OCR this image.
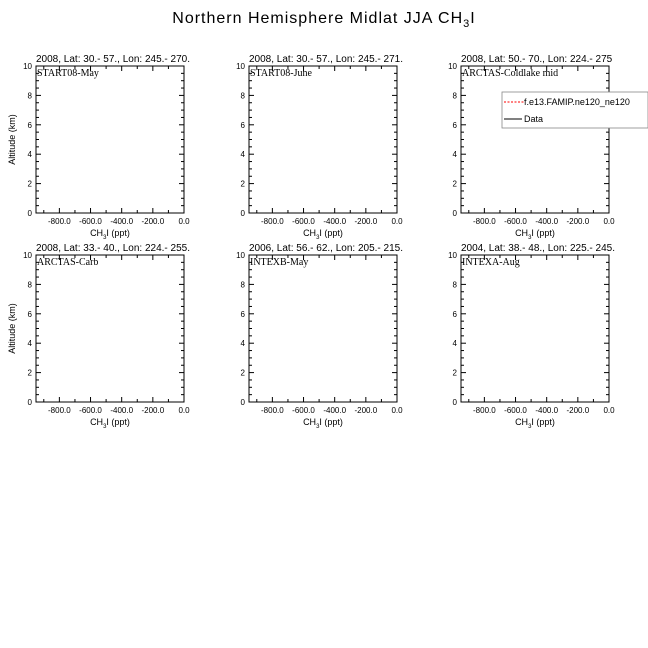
Northern Hemisphere Midlat JJA $CH_3I$
2008, Lat: 30.- 57., Lon: 245.- 270.
0
2
4
6
8
10
-800.0 -600.0 -400.0 -200.0 0.0
$CH_3I$ (ppt)
Altitude (km)
START08-May
2008, Lat: 30.- 57., Lon: 245.- 271.
0
2
4
6
8
10
-800.0 -600.0 -400.0 -200.0 0.0
$CH_3I$ (ppt)
START08-June
2008, Lat: 50.- 70., Lon: 224.- 275
0
2
4
6
8
10
-800.0 -600.0 -400.0 -200.0 0.0
$CH_3I$ (ppt)
ARCTAS-Coldlake mid
f.e13.FAMIP.ne120_ne120
Data
2008, Lat: 33.- 40., Lon: 224.- 255.
0
2
4
6
8
10
-800.0 -600.0 -400.0 -200.0 0.0
$CH_3I$ (ppt)
Altitude (km)
ARCTAS-Carb
2006, Lat: 56.- 62., Lon: 205.- 215.
0
2
4
6
8
10
-800.0 -600.0 -400.0 -200.0 0.0
$CH_3I$ (ppt)
INTEXB-May
2004, Lat: 38.- 48., Lon: 225.- 245.
0
2
4
6
8
10
-800.0 -600.0 -400.0 -200.0 0.0
$CH_3I$ (ppt)
INTEXA-Aug
